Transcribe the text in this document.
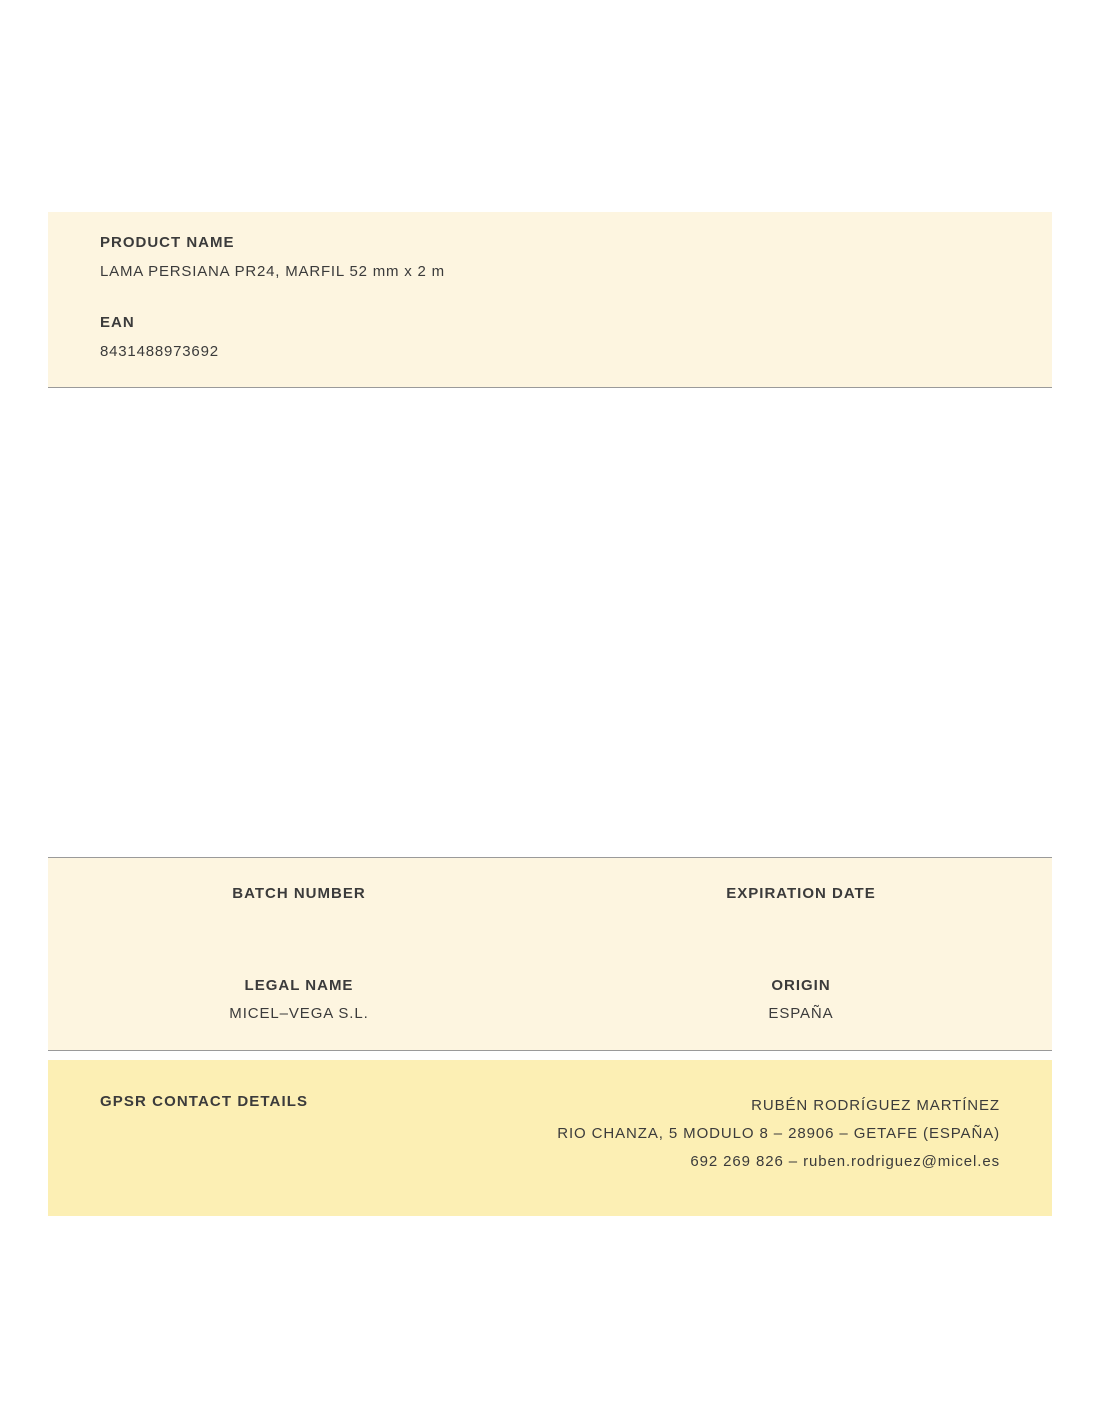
PRODUCT NAME
LAMA PERSIANA PR24, MARFIL 52 mm x 2 m
EAN
8431488973692
BATCH NUMBER	EXPIRATION DATE
LEGAL NAME
MICEL–VEGA S.L.
ORIGIN
ESPAÑA
GPSR CONTACT DETAILS	RUBÉN RODRÍGUEZ MARTÍNEZ
RIO CHANZA, 5 MODULO 8 – 28906 – GETAFE (ESPAÑA)
692 269 826 – ruben.rodriguez@micel.es
